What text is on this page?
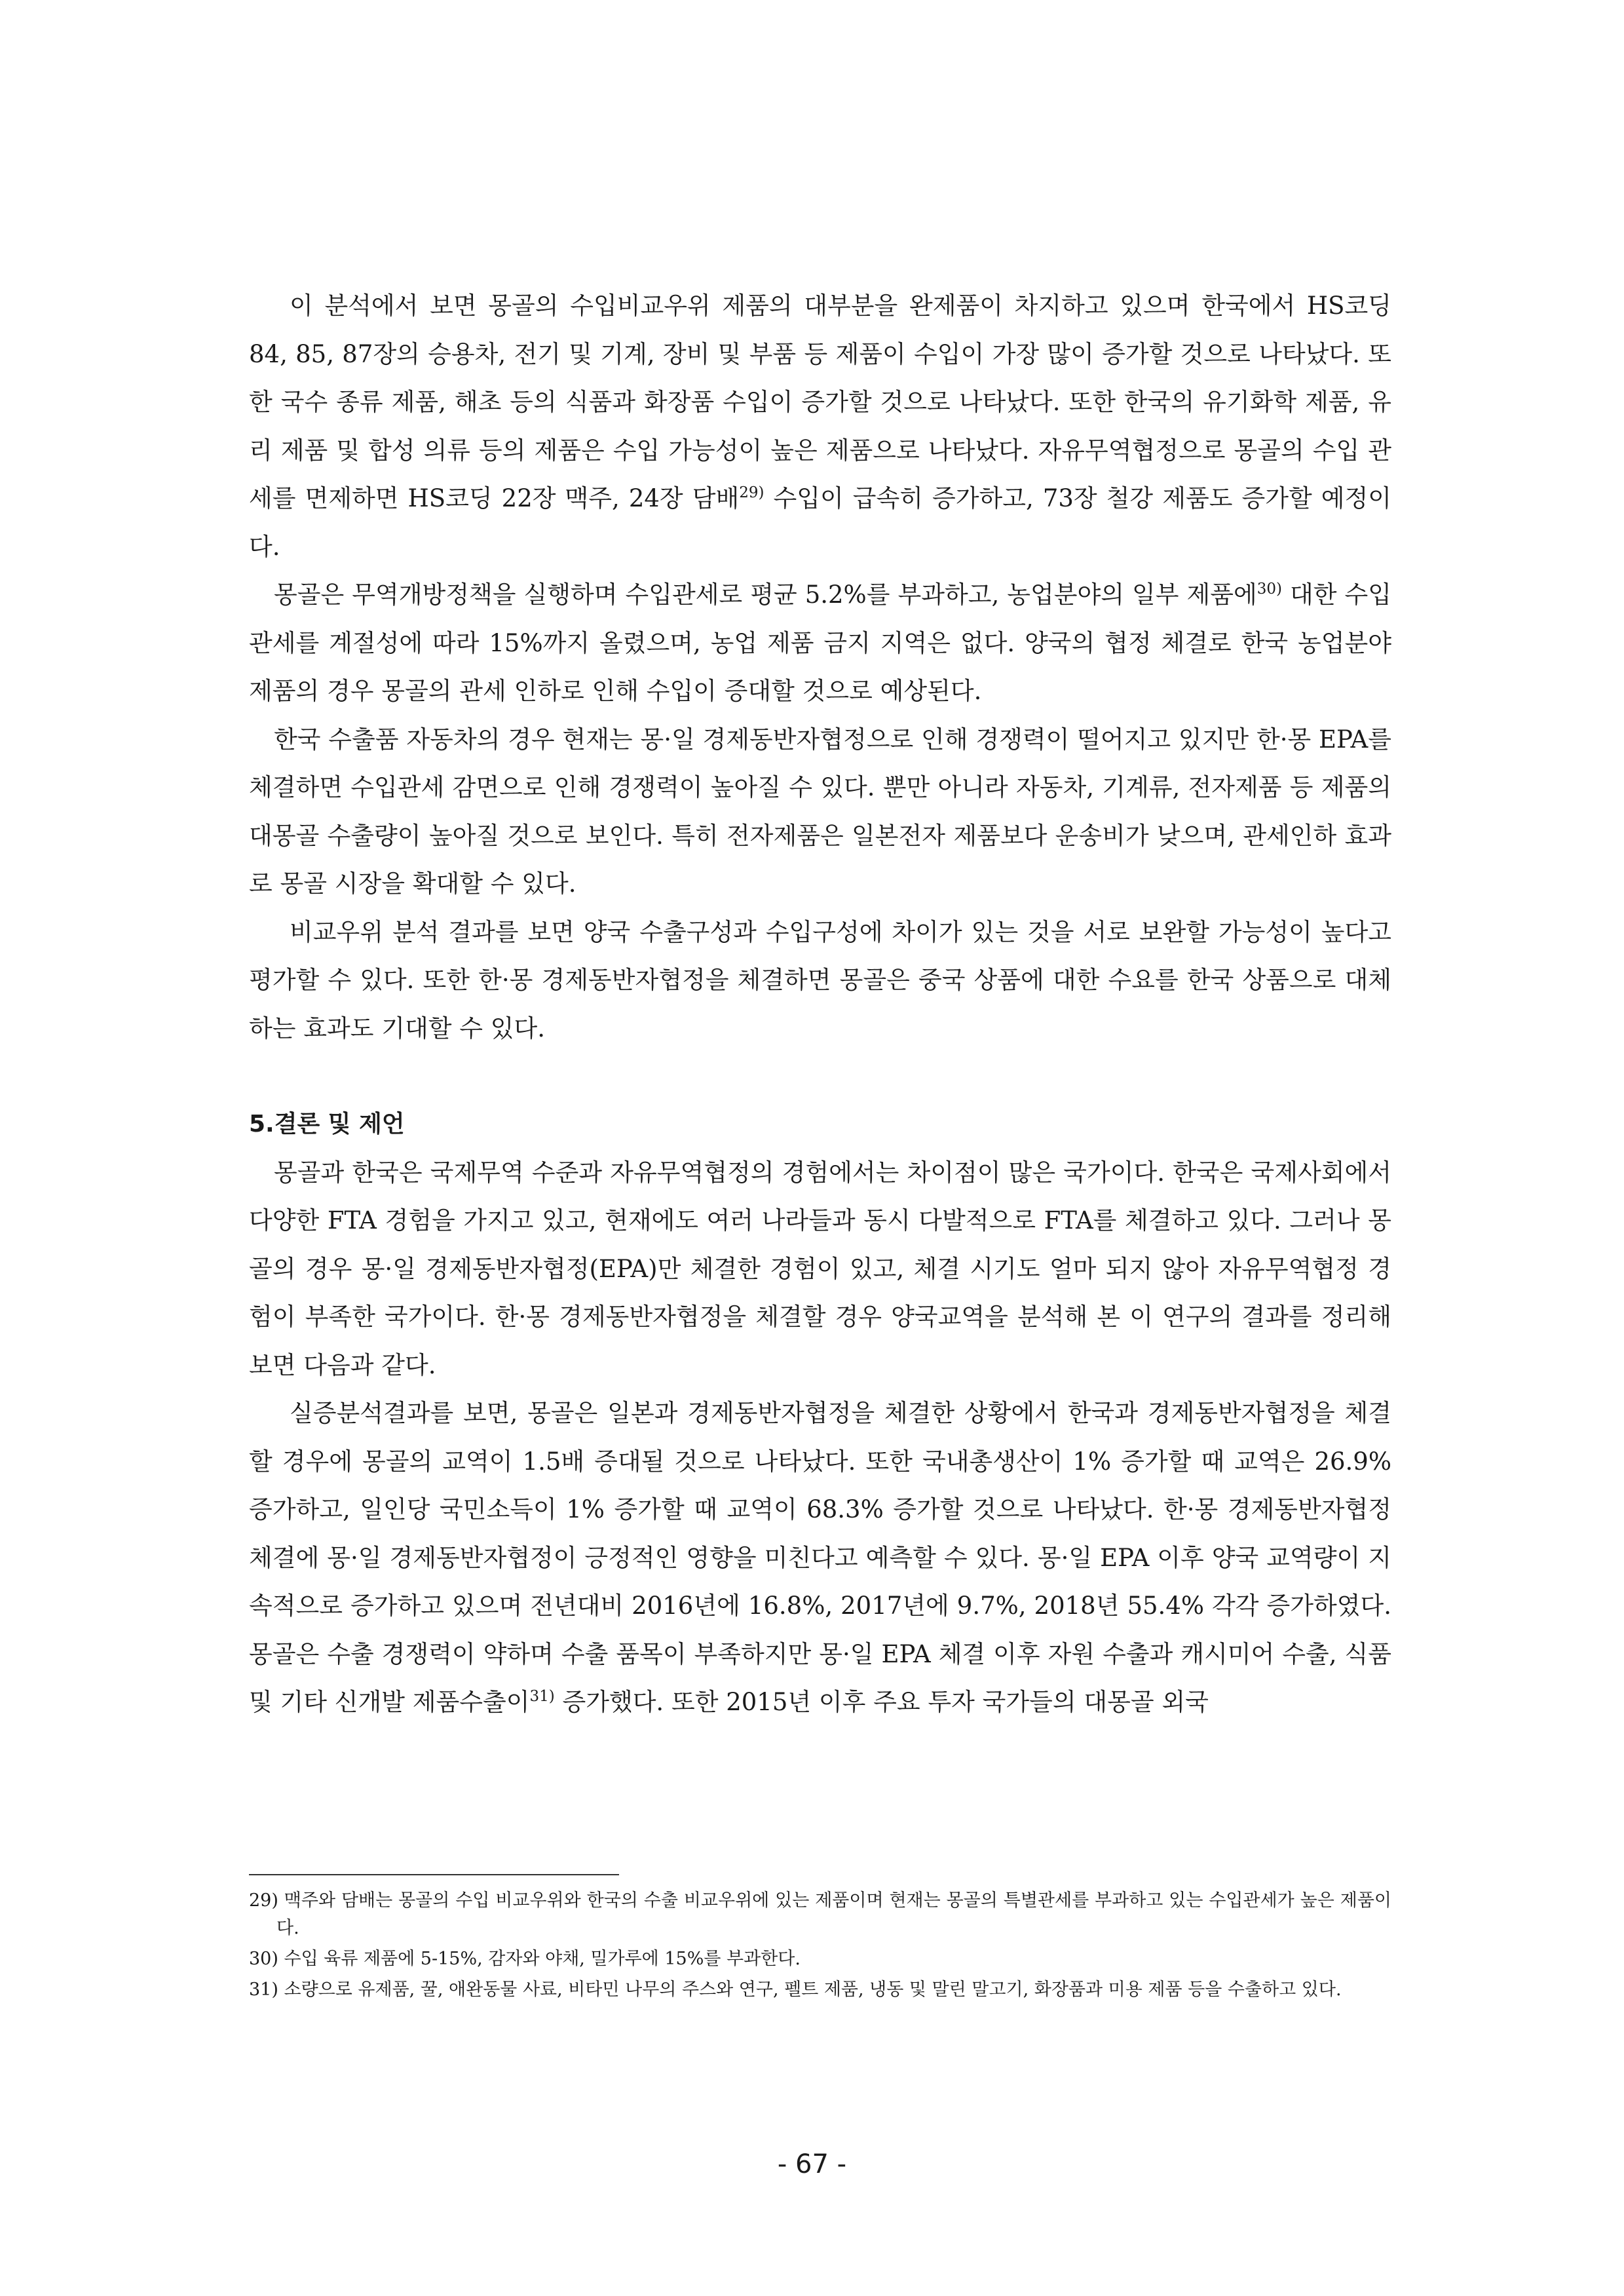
이 분석에서 보면 몽골의 수입비교우위 제품의 대부분을 완제품이 차지하고 있으며 한국에서 HS코딩 84, 85, 87장의 승용차, 전기 및 기계, 장비 및 부품 등 제품이 수입이 가장 많이 증가할 것으로 나타났다. 또한 국수 종류 제품, 해초 등의 식품과 화장품 수입이 증가할 것으로 나타났다. 또한 한국의 유기화학 제품, 유리 제품 및 합성 의류 등의 제품은 수입 가능성이 높은 제품으로 나타났다. 자유무역협정으로 몽골의 수입 관세를 면제하면 HS코딩 22장 맥주, 24장 담배$^{29)}$ 수입이 급속히 증가하고, 73장 철강 제품도 증가할 예정이다.

몽골은 무역개방정책을 실행하며 수입관세로 평균 5.2%를 부과하고, 농업분야의 일부 제품에$^{30)}$ 대한 수입 관세를 계절성에 따라 15%까지 올렸으며, 농업 제품 금지 지역은 없다. 양국의 협정 체결로 한국 농업분야 제품의 경우 몽골의 관세 인하로 인해 수입이 증대할 것으로 예상된다.

한국 수출품 자동차의 경우 현재는 몽·일 경제동반자협정으로 인해 경쟁력이 떨어지고 있지만 한·몽 EPA를 체결하면 수입관세 감면으로 인해 경쟁력이 높아질 수 있다. 뿐만 아니라 자동차, 기계류, 전자제품 등 제품의 대몽골 수출량이 높아질 것으로 보인다. 특히 전자제품은 일본전자 제품보다 운송비가 낮으며, 관세인하 효과로 몽골 시장을 확대할 수 있다.

비교우위 분석 결과를 보면 양국 수출구성과 수입구성에 차이가 있는 것을 서로 보완할 가능성이 높다고 평가할 수 있다. 또한 한·몽 경제동반자협정을 체결하면 몽골은 중국 상품에 대한 수요를 한국 상품으로 대체하는 효과도 기대할 수 있다.

5.결론 및 제언

몽골과 한국은 국제무역 수준과 자유무역협정의 경험에서는 차이점이 많은 국가이다. 한국은 국제사회에서 다양한 FTA 경험을 가지고 있고, 현재에도 여러 나라들과 동시 다발적으로 FTA를 체결하고 있다. 그러나 몽골의 경우 몽·일 경제동반자협정(EPA)만 체결한 경험이 있고, 체결 시기도 얼마 되지 않아 자유무역협정 경험이 부족한 국가이다. 한·몽 경제동반자협정을 체결할 경우 양국교역을 분석해 본 이 연구의 결과를 정리해보면 다음과 같다.

실증분석결과를 보면, 몽골은 일본과 경제동반자협정을 체결한 상황에서 한국과 경제동반자협정을 체결할 경우에 몽골의 교역이 1.5배 증대될 것으로 나타났다. 또한 국내총생산이 1% 증가할 때 교역은 26.9% 증가하고, 일인당 국민소득이 1% 증가할 때 교역이 68.3% 증가할 것으로 나타났다. 한·몽 경제동반자협정 체결에 몽·일 경제동반자협정이 긍정적인 영향을 미친다고 예측할 수 있다. 몽·일 EPA 이후 양국 교역량이 지속적으로 증가하고 있으며 전년대비 2016년에 16.8%, 2017년에 9.7%, 2018년 55.4% 각각 증가하였다. 몽골은 수출 경쟁력이 약하며 수출 품목이 부족하지만 몽·일 EPA 체결 이후 자원 수출과 캐시미어 수출, 식품 및 기타 신개발 제품수출이$^{31)}$ 증가했다. 또한 2015년 이후 주요 투자 국가들의 대몽골 외국

29) 맥주와 담배는 몽골의 수입 비교우위와 한국의 수출 비교우위에 있는 제품이며 현재는 몽골의 특별관세를 부과하고 있는 수입관세가 높은 제품이다.

30) 수입 육류 제품에 5-15%, 감자와 야채, 밀가루에 15%를 부과한다.

31) 소량으로 유제품, 꿀, 애완동물 사료, 비타민 나무의 주스와 연구, 펠트 제품, 냉동 및 말린 말고기, 화장품과 미용 제품 등을 수출하고 있다.

- 67 -
